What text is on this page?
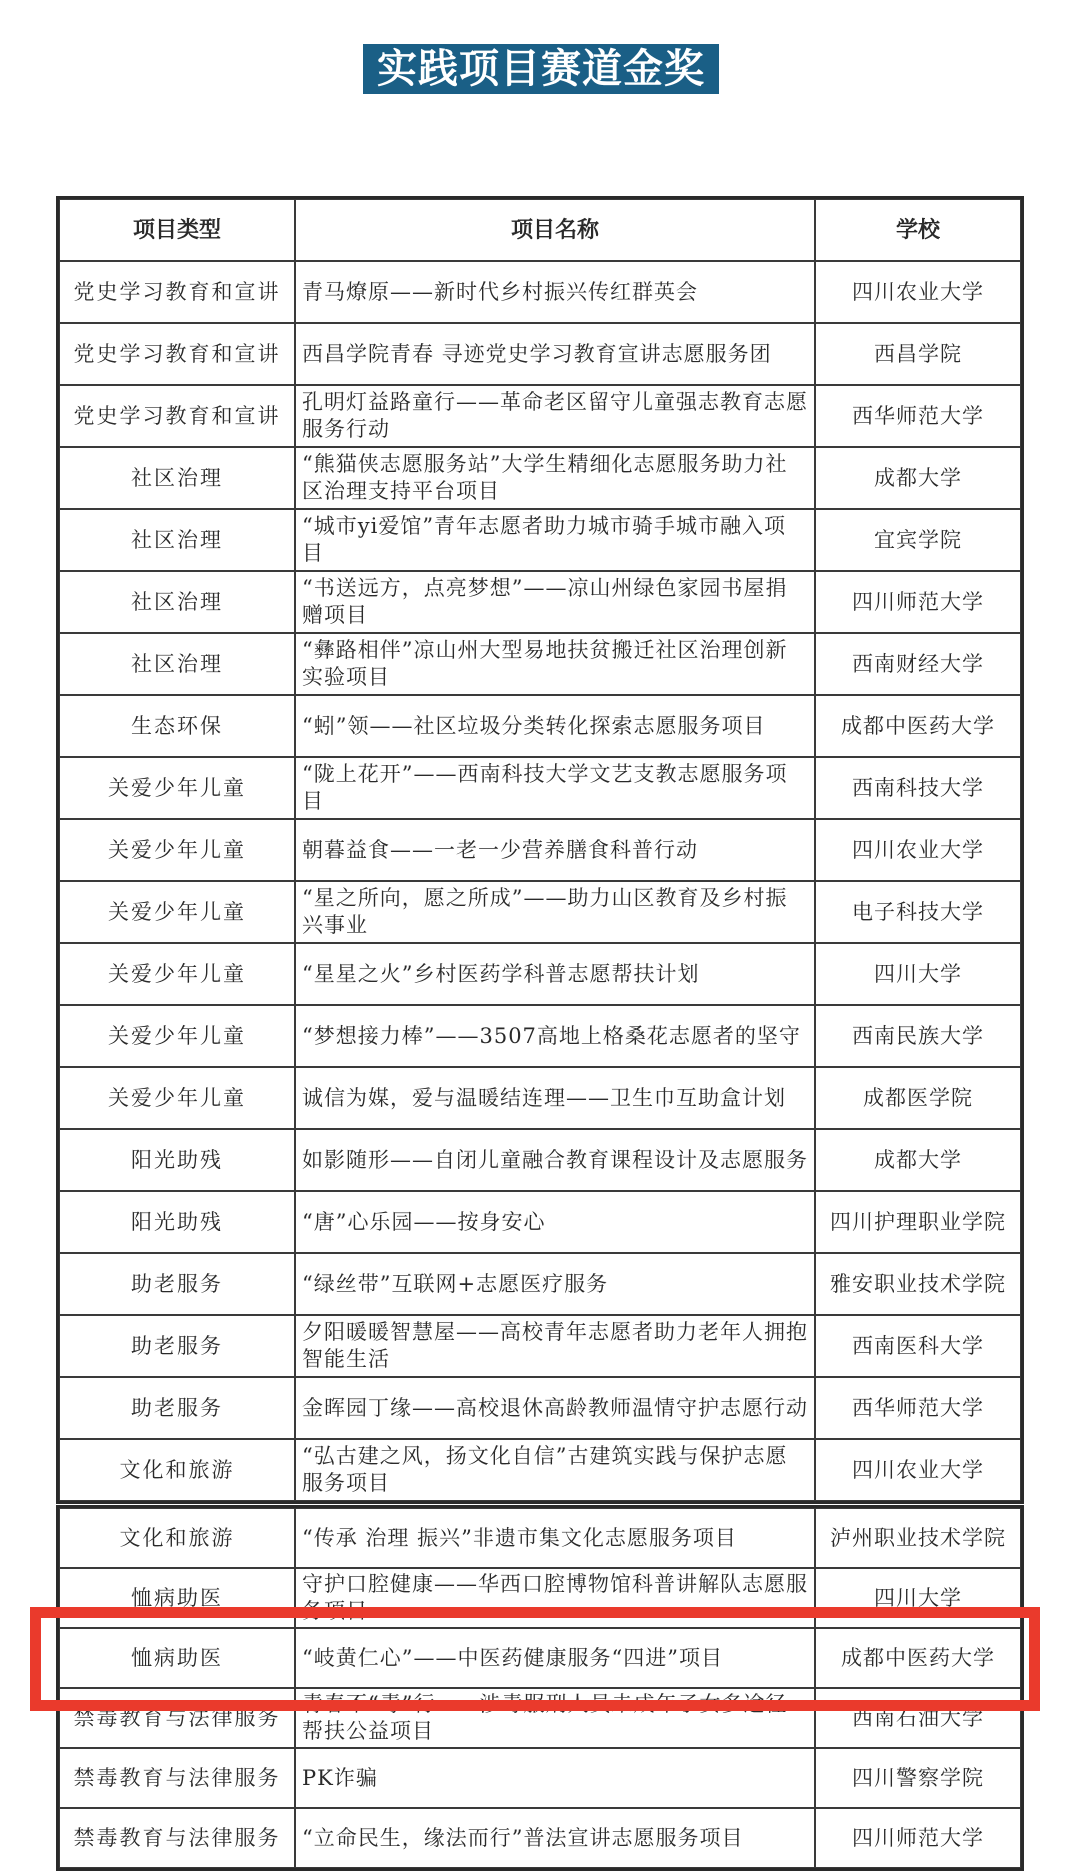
实践项目赛道金奖
项目类型	项目名称	学校
党史学习教育和宣讲	青马燎原——新时代乡村振兴传红群英会	四川农业大学
党史学习教育和宣讲	西昌学院青春 寻迹党史学习教育宣讲志愿服务团	西昌学院
党史学习教育和宣讲	孔明灯益路童行——革命老区留守儿童强志教育志愿服务行动	西华师范大学
社区治理	“熊猫侠志愿服务站”大学生精细化志愿服务助力社区治理支持平台项目	成都大学
社区治理	“城市yi爱馆”青年志愿者助力城市骑手城市融入项目	宜宾学院
社区治理	“书送远方，点亮梦想”——凉山州绿色家园书屋捐赠项目	四川师范大学
社区治理	“彝路相伴”凉山州大型易地扶贫搬迁社区治理创新实验项目	西南财经大学
生态环保	“蚓”领——社区垃圾分类转化探索志愿服务项目	成都中医药大学
关爱少年儿童	“陇上花开”——西南科技大学文艺支教志愿服务项目	西南科技大学
关爱少年儿童	朝暮益食——一老一少营养膳食科普行动	四川农业大学
关爱少年儿童	“星之所向，愿之所成”——助力山区教育及乡村振兴事业	电子科技大学
关爱少年儿童	“星星之火”乡村医药学科普志愿帮扶计划	四川大学
关爱少年儿童	“梦想接力棒”——3507高地上格桑花志愿者的坚守	西南民族大学
关爱少年儿童	诚信为媒，爱与温暖结连理——卫生巾互助盒计划	成都医学院
阳光助残	如影随形——自闭儿童融合教育课程设计及志愿服务	成都大学
阳光助残	“唐”心乐园——按身安心	四川护理职业学院
助老服务	“绿丝带”互联网+志愿医疗服务	雅安职业技术学院
助老服务	夕阳暖暖智慧屋——高校青年志愿者助力老年人拥抱智能生活	西南医科大学
助老服务	金晖园丁缘——高校退休高龄教师温情守护志愿行动	西华师范大学
文化和旅游	“弘古建之风，扬文化自信”古建筑实践与保护志愿服务项目	四川农业大学
文化和旅游	“传承 治理 振兴”非遗市集文化志愿服务项目	泸州职业技术学院
恤病助医	守护口腔健康——华西口腔博物馆科普讲解队志愿服务项目	四川大学
恤病助医	“岐黄仁心”——中医药健康服务“四进”项目	成都中医药大学
禁毒教育与法律服务	青春不“毒”行——涉毒服刑人员未成年子女多途径帮扶公益项目	西南石油大学
禁毒教育与法律服务	PK诈骗	四川警察学院
禁毒教育与法律服务	“立命民生，缘法而行”普法宣讲志愿服务项目	四川师范大学
